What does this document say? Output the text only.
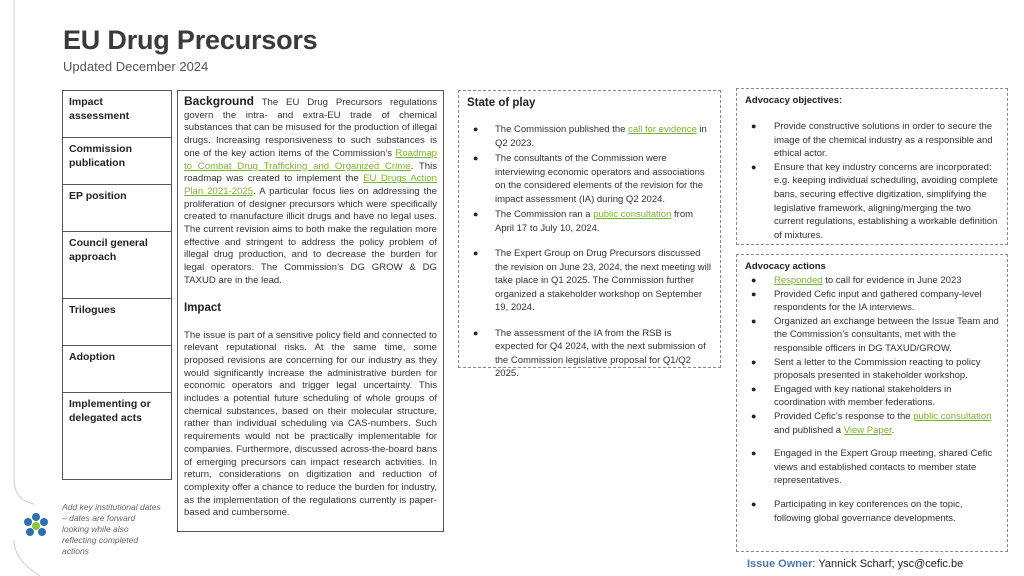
EU Drug Precursors
Updated December 2024
Impact assessment
Commission publication
EP position
Council general approach
Trilogues
Adoption
Implementing or delegated acts
Add key institutional dates – dates are forward looking while also reflecting completed actions

Background The EU Drug Precursors regulations govern the intra- and extra-EU trade of chemical substances that can be misused for the production of illegal drugs. Increasing responsiveness to such substances is one of the key action items of the Commission’s Roadmap to Combat Drug Trafficking and Organized Crime. This roadmap was created to implement the EU Drugs Action Plan 2021-2025. A particular focus lies on addressing the proliferation of designer precursors which were specifically created to manufacture illicit drugs and have no legal uses. The current revision aims to both make the regulation more effective and stringent to address the policy problem of illegal drug production, and to decrease the burden for legal operators. The Commission’s DG GROW & DG TAXUD are in the lead.

Impact

The issue is part of a sensitive policy field and connected to relevant reputational risks. At the same time, some proposed revisions are concerning for our industry as they would significantly increase the administrative burden for economic operators and trigger legal uncertainty. This includes a potential future scheduling of whole groups of chemical substances, based on their molecular structure, rather than individual scheduling via CAS-numbers. Such requirements would not be practically implementable for companies. Furthermore, discussed across-the-board bans of emerging precursors can impact research activities. In return, considerations on digitization and reduction of complexity offer a chance to reduce the burden for industry, as the implementation of the regulations currently is paper-based and cumbersome.

State of play
● The Commission published the call for evidence in Q2 2023.
● The consultants of the Commission were interviewing economic operators and associations on the considered elements of the revision for the impact assessment (IA) during Q2 2024.
● The Commission ran a public consultation from April 17 to July 10, 2024.
● The Expert Group on Drug Precursors discussed the revision on June 23, 2024, the next meeting will take place in Q1 2025. The Commission further organized a stakeholder workshop on September 19, 2024.
● The assessment of the IA from the RSB is expected for Q4 2024, with the next submission of the Commission legislative proposal for Q1/Q2 2025.
Advocacy objectives:
● Provide constructive solutions in order to secure the image of the chemical industry as a responsible and ethical actor.
● Ensure that key industry concerns are incorporated: e.g. keeping individual scheduling, avoiding complete bans, securing effective digitization, simplifying the legislative framework, aligning/merging the two current regulations, establishing a workable definition of mixtures.
Advocacy actions
● Responded to call for evidence in June 2023
● Provided Cefic input and gathered company-level respondents for the IA interviews.
● Organized an exchange between the Issue Team and the Commission’s consultants, met with the responsible officers in DG TAXUD/GROW.
● Sent a letter to the Commission reacting to policy proposals presented in stakeholder workshop.
● Engaged with key national stakeholders in coordination with member federations.
● Provided Cefic’s response to the public consultation and published a View Paper.
● Engaged in the Expert Group meeting, shared Cefic views and established contacts to member state representatives.
● Participating in key conferences on the topic, following global governance developments.
Issue Owner: Yannick Scharf; ysc@cefic.be
